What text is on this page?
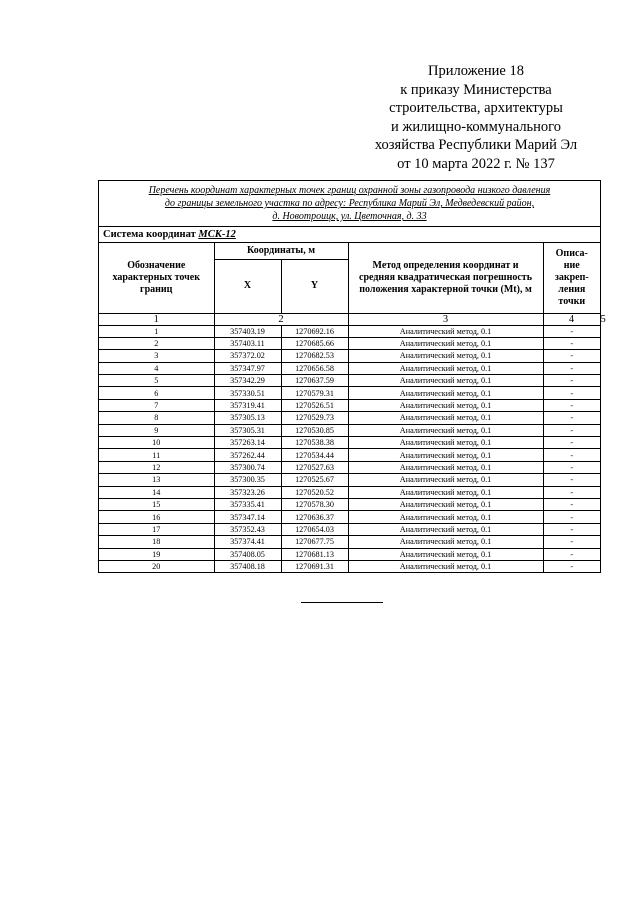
Приложение 18
к приказу Министерства
строительства, архитектуры
и жилищно-коммунального
хозяйства Республики Марий Эл
от 10 марта 2022 г. № 137
Перечень координат характерных точек границ охранной зоны газопровода низкого давления
до границы земельного участка по адресу: Республика Марий Эл, Медведевский район,
д. Новотроицк, ул. Цветочная, д. 33
Система координат МСК-12
Обозначение характерных точек границ	Координаты, м		Метод определения координат и средняя квадратическая погрешность положения характерной точки (Mt), м	Описа-ние закреп-ления точки	
	X	Y			
1	2		3	4	5
1	357403.19	1270692.16	Аналитический метод, 0.1	-	
2	357403.11	1270685.66	Аналитический метод, 0.1	-	
3	357372.02	1270682.53	Аналитический метод, 0.1	-	
4	357347.97	1270656.58	Аналитический метод, 0.1	-	
5	357342.29	1270637.59	Аналитический метод, 0.1	-	
6	357330.51	1270579.31	Аналитический метод, 0.1	-	
7	357319.41	1270526.51	Аналитический метод, 0.1	-	
8	357305.13	1270529.73	Аналитический метод, 0.1	-	
9	357305.31	1270530.85	Аналитический метод, 0.1	-	
10	357263.14	1270538.38	Аналитический метод, 0.1	-	
11	357262.44	1270534.44	Аналитический метод, 0.1	-	
12	357300.74	1270527.63	Аналитический метод, 0.1	-	
13	357300.35	1270525.67	Аналитический метод, 0.1	-	
14	357323.26	1270520.52	Аналитический метод, 0.1	-	
15	357335.41	1270578.30	Аналитический метод, 0.1	-	
16	357347.14	1270636.37	Аналитический метод, 0.1	-	
17	357352.43	1270654.03	Аналитический метод, 0.1	-	
18	357374.41	1270677.75	Аналитический метод, 0.1	-	
19	357408.05	1270681.13	Аналитический метод, 0.1	-	
20	357408.18	1270691.31	Аналитический метод, 0.1	-	
